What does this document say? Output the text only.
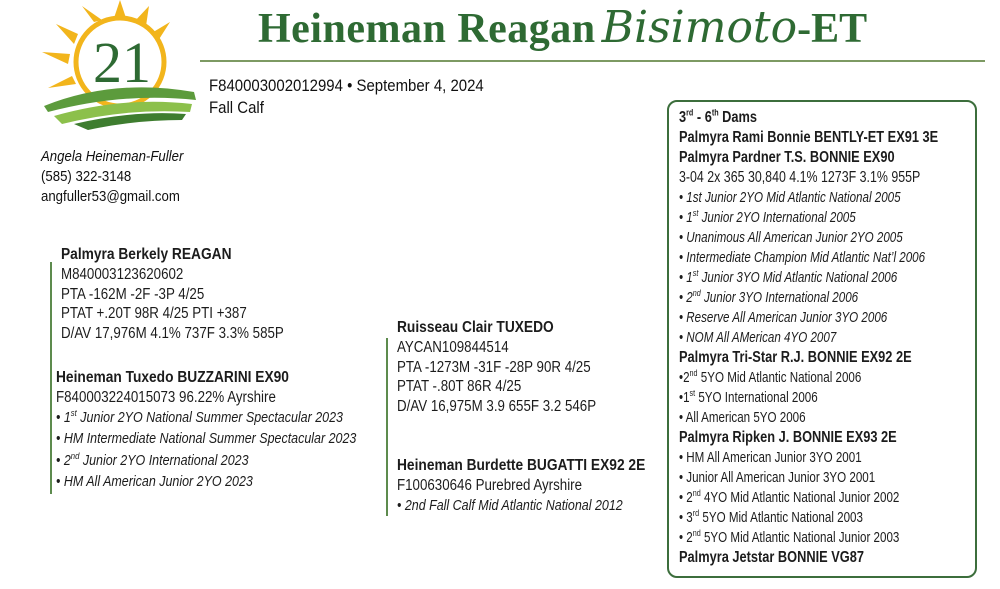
21
Heineman Reagan Bisimoto-ET
F840003002012994 • September 4, 2024
Fall Calf
Angela Heineman-Fuller
(585) 322-3148
angfuller53@gmail.com
Palmyra Berkely REAGAN
M840003123620602
PTA -162M -2F -3P 4/25
PTAT +.20T 98R 4/25 PTI +387
D/AV 17,976M 4.1% 737F 3.3% 585P
Heineman Tuxedo BUZZARINI EX90
F840003224015073 96.22% Ayrshire
• 1st Junior 2YO National Summer Spectacular 2023
• HM Intermediate National Summer Spectacular 2023
• 2nd Junior 2YO International 2023
• HM All American Junior 2YO 2023
Ruisseau Clair TUXEDO
AYCAN109844514
PTA -1273M -31F -28P 90R 4/25
PTAT -.80T 86R 4/25
D/AV 16,975M 3.9 655F 3.2 546P
Heineman Burdette BUGATTI EX92 2E
F100630646 Purebred Ayrshire
• 2nd Fall Calf Mid Atlantic National 2012
3rd - 6th Dams
Palmyra Rami Bonnie BENTLY-ET EX91 3E
Palmyra Pardner T.S. BONNIE EX90
3-04 2x 365 30,840 4.1% 1273F 3.1% 955P
• 1st Junior 2YO Mid Atlantic National 2005
• 1st Junior 2YO International 2005
• Unanimous All American Junior 2YO 2005
• Intermediate Champion Mid Atlantic Nat’l 2006
• 1st Junior 3YO Mid Atlantic National 2006
• 2nd Junior 3YO International 2006
• Reserve All American Junior 3YO 2006
• NOM All AMerican 4YO 2007
Palmyra Tri-Star R.J. BONNIE EX92 2E
•2nd 5YO Mid Atlantic National 2006
•1st 5YO International 2006
• All American 5YO 2006
Palmyra Ripken J. BONNIE EX93 2E
• HM All American Junior 3YO 2001
• Junior All American Junior 3YO 2001
• 2nd 4YO Mid Atlantic National Junior 2002
• 3rd 5YO Mid Atlantic National 2003
• 2nd 5YO Mid Atlantic National Junior 2003
Palmyra Jetstar BONNIE VG87
